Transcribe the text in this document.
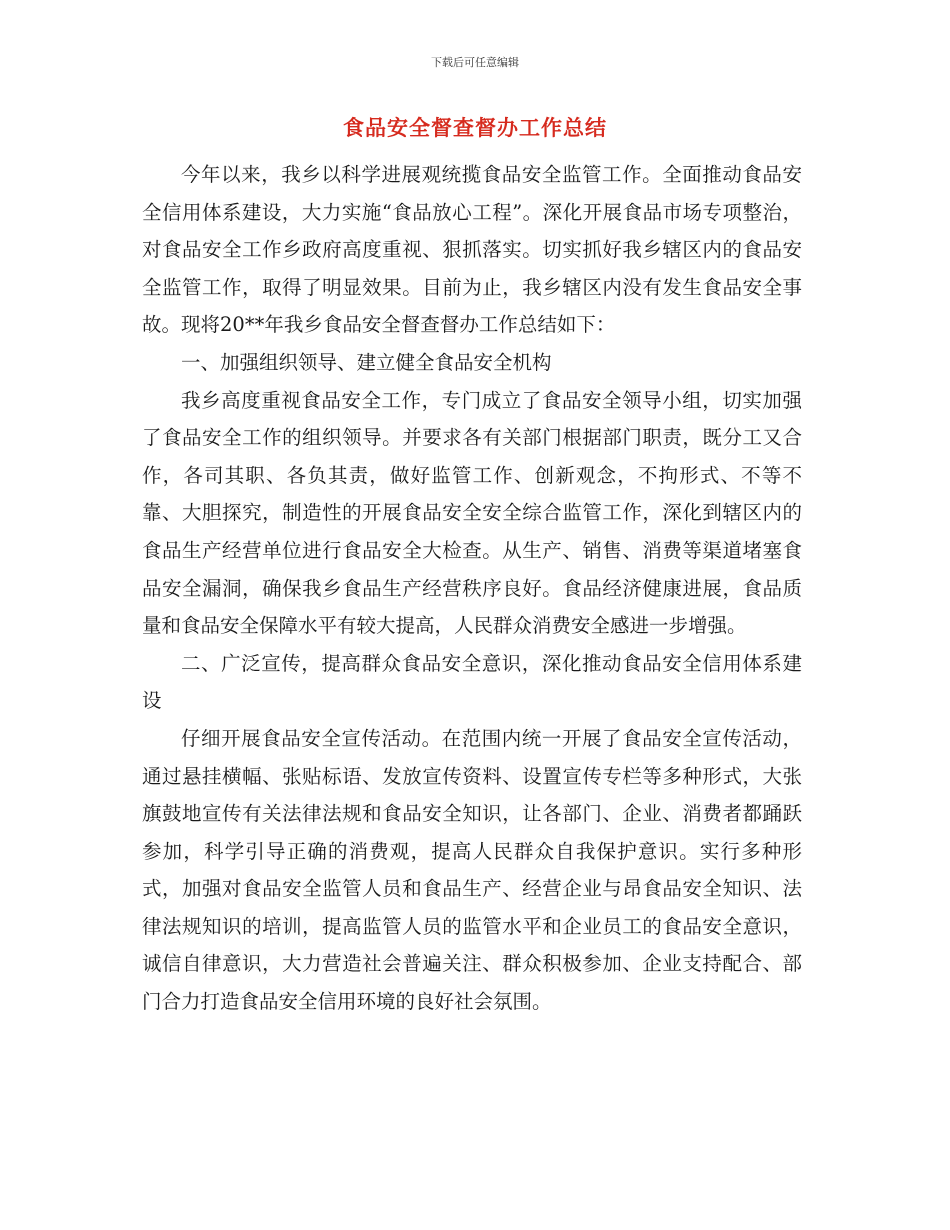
下载后可任意编辑
食品安全督查督办工作总结

今年以来，我乡以科学进展观统揽食品安全监管工作。全面推动食品安全信用体系建设，大力实施“食品放心工程”。深化开展食品市场专项整治，对食品安全工作乡政府高度重视、狠抓落实。切实抓好我乡辖区内的食品安全监管工作，取得了明显效果。目前为止，我乡辖区内没有发生食品安全事故。现将20**年我乡食品安全督查督办工作总结如下：

一、加强组织领导、建立健全食品安全机构

我乡高度重视食品安全工作，专门成立了食品安全领导小组，切实加强了食品安全工作的组织领导。并要求各有关部门根据部门职责，既分工又合作，各司其职、各负其责，做好监管工作、创新观念，不拘形式、不等不靠、大胆探究，制造性的开展食品安全安全综合监管工作，深化到辖区内的食品生产经营单位进行食品安全大检查。从生产、销售、消费等渠道堵塞食品安全漏洞，确保我乡食品生产经营秩序良好。食品经济健康进展，食品质量和食品安全保障水平有较大提高，人民群众消费安全感进一步增强。

二、广泛宣传，提高群众食品安全意识，深化推动食品安全信用体系建设

仔细开展食品安全宣传活动。在范围内统一开展了食品安全宣传活动，通过悬挂横幅、张贴标语、发放宣传资料、设置宣传专栏等多种形式，大张旗鼓地宣传有关法律法规和食品安全知识，让各部门、企业、消费者都踊跃参加，科学引导正确的消费观，提高人民群众自我保护意识。实行多种形式，加强对食品安全监管人员和食品生产、经营企业与昂食品安全知识、法律法规知识的培训，提高监管人员的监管水平和企业员工的食品安全意识，诚信自律意识，大力营造社会普遍关注、群众积极参加、企业支持配合、部门合力打造食品安全信用环境的良好社会氛围。
